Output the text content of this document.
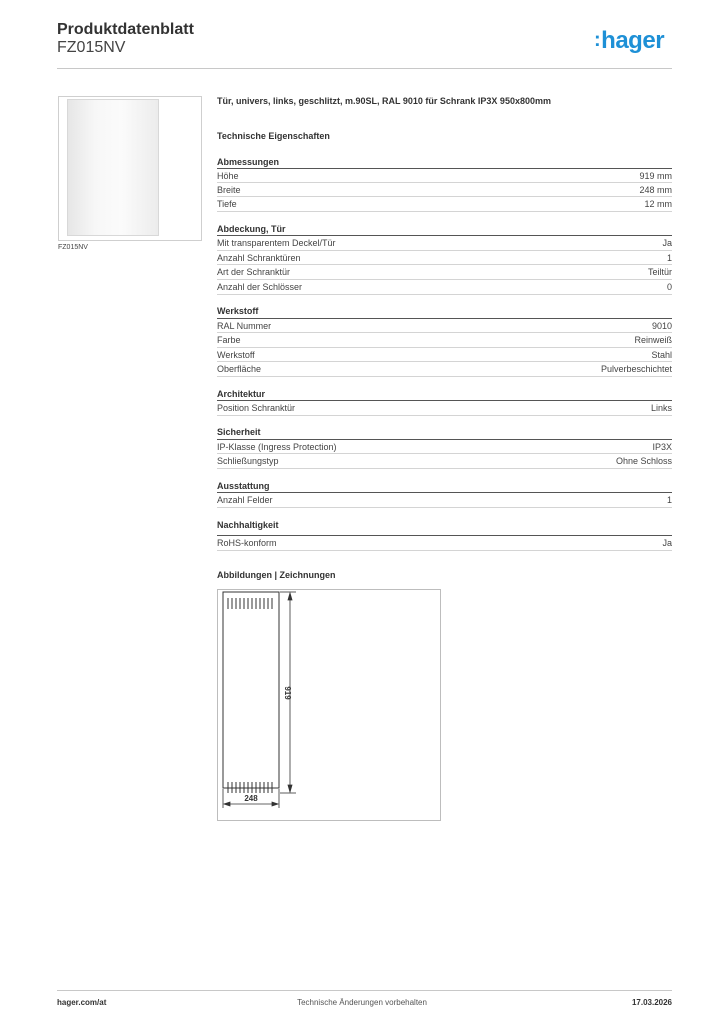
Produktdatenblatt
FZ015NV	:hager
FZ015NV
Tür, univers, links, geschlitzt, m.90SL, RAL 9010 für Schrank IP3X 950x800mm
Technische Eigenschaften
Abmessungen
Höhe	919 mm
Breite	248 mm
Tiefe	12 mm
Abdeckung, Tür
Mit transparentem Deckel/Tür	Ja
Anzahl Schranktüren	1
Art der Schranktür	Teiltür
Anzahl der Schlösser	0
Werkstoff
RAL Nummer	9010
Farbe	Reinweiß
Werkstoff	Stahl
Oberfläche	Pulverbeschichtet
Architektur
Position Schranktür	Links
Sicherheit
IP-Klasse (Ingress Protection)	IP3X
Schließungstyp	Ohne Schloss
Ausstattung
Anzahl Felder	1
Nachhaltigkeit
RoHS-konform	Ja
Abbildungen | Zeichnungen
919
248
hager.com/at	Technische Änderungen vorbehalten	17.03.2026
